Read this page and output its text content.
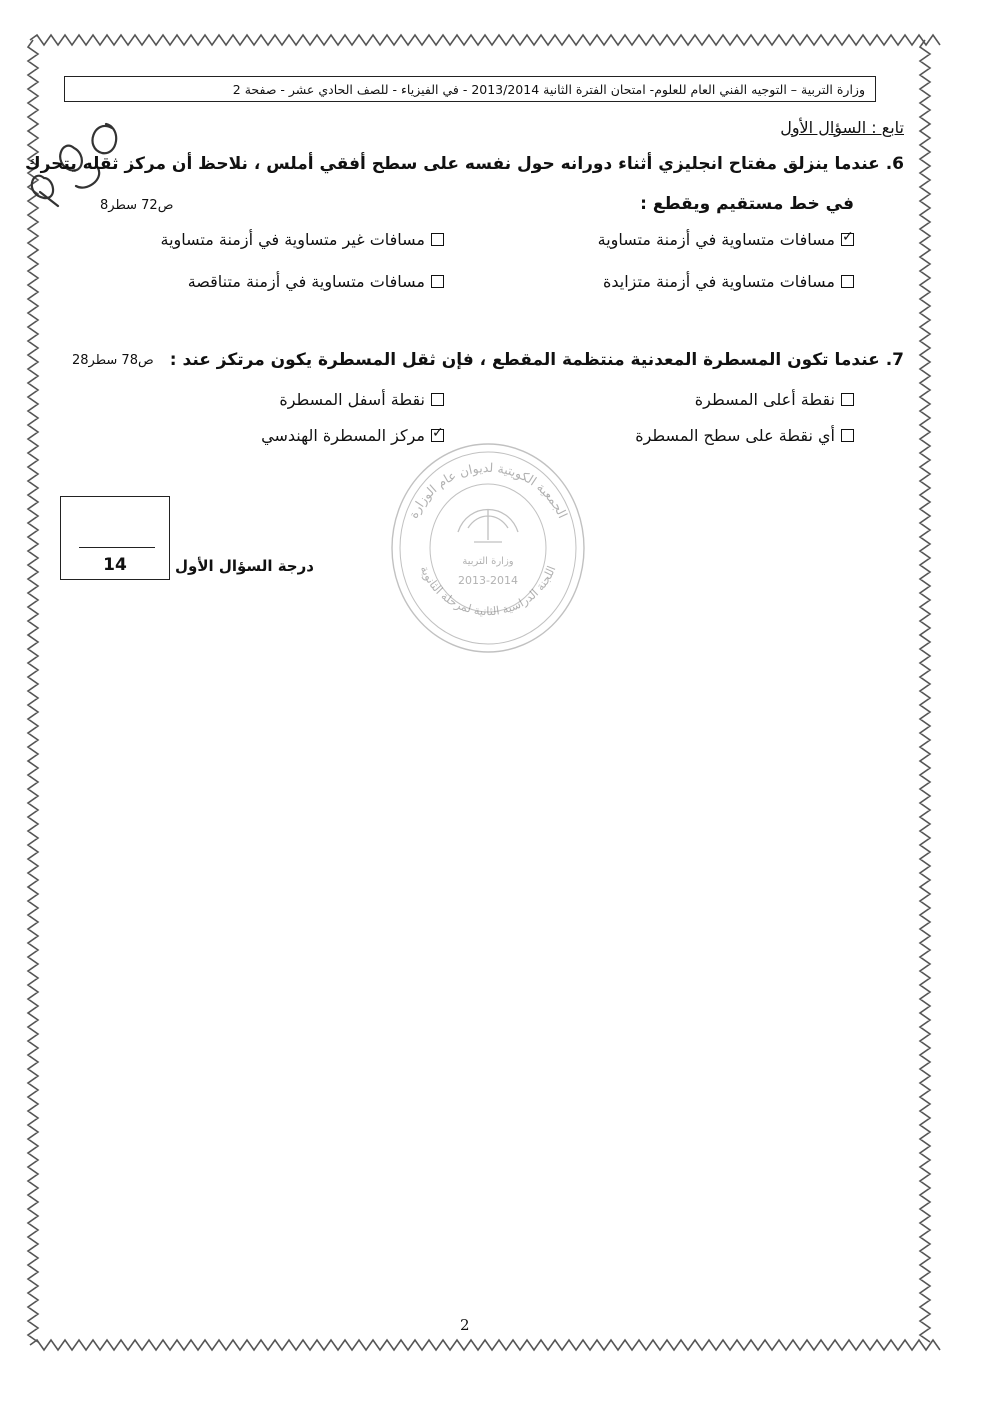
وزارة التربية – التوجيه الفني العام للعلوم- امتحان الفترة الثانية 2013/2014 - في الفيزياء - للصف الحادي عشر - صفحة 2
تابع : السؤال الأول
6. عندما ينزلق مفتاح انجليزي أثناء دورانه حول نفسه على سطح أفقي أملس ، نلاحظ أن مركز ثقله يتحرك
في خط مستقيم ويقطع :
ص72 سطر8
✓
مسافات متساوية في أزمنة متساوية
مسافات غير متساوية في أزمنة متساوية
مسافات متساوية في أزمنة متزايدة
مسافات متساوية في أزمنة متناقصة
7. عندما تكون المسطرة المعدنية منتظمة المقطع ، فإن ثقل المسطرة يكون مرتكز عند :
ص78 سطر28
نقطة أعلى المسطرة
نقطة أسفل المسطرة
أي نقطة على سطح المسطرة
✓
مركز المسطرة الهندسي
الجمعية الكويتية لديوان عام الوزارة
اللجنة الدراسية الثانية لمرحلة الثانوية
وزارة التربية
2013-2014
14	درجة السؤال الأول
2
